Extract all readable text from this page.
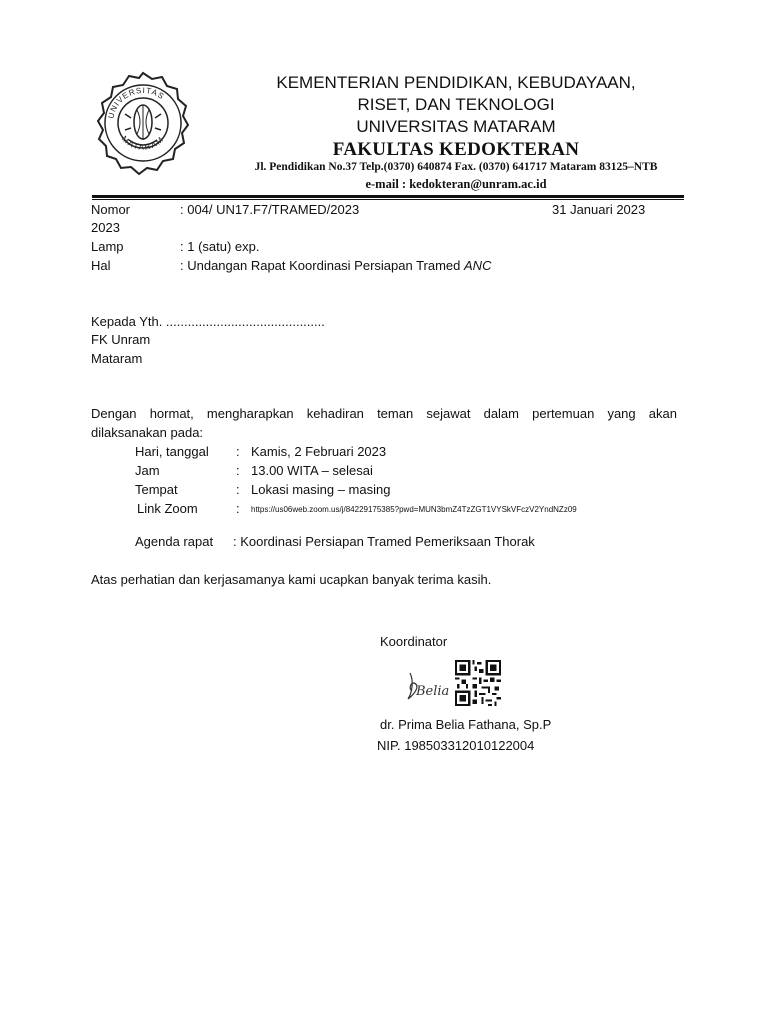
UNIVERSITAS
MATARAM
KEMENTERIAN PENDIDIKAN, KEBUDAYAAN,
RISET, DAN TEKNOLOGI
UNIVERSITAS MATARAM
FAKULTAS KEDOKTERAN
Jl. Pendidikan No.37 Telp.(0370) 640874 Fax. (0370) 641717 Mataram 83125–NTB
e-mail : kedokteran@unram.ac.id
Nomor	: 004/ UN17.F7/TRAMED/2023	31 Januari 2023
2023
Lamp	: 1 (satu) exp.
Hal	: Undangan Rapat Koordinasi Persiapan Tramed ANC
Kepada Yth. ............................................
FK Unram
Mataram
Dengan hormat, mengharapkan kehadiran teman sejawat dalam pertemuan yang akan
dilaksanakan pada:
Hari, tanggal : Kamis, 2 Februari 2023
Jam	: 13.00 WITA – selesai
Tempat	: Lokasi masing – masing
Link Zoom	: https://us06web.zoom.us/j/84229175385?pwd=MUN3bmZ4TzZGT1VYSkVFczV2YndNZz09
Agenda rapat : Koordinasi Persiapan Tramed Pemeriksaan Thorak
Atas perhatian dan kerjasamanya kami ucapkan banyak terima kasih.
Koordinator
Belia
dr. Prima Belia Fathana, Sp.P
NIP. 198503312010122004
